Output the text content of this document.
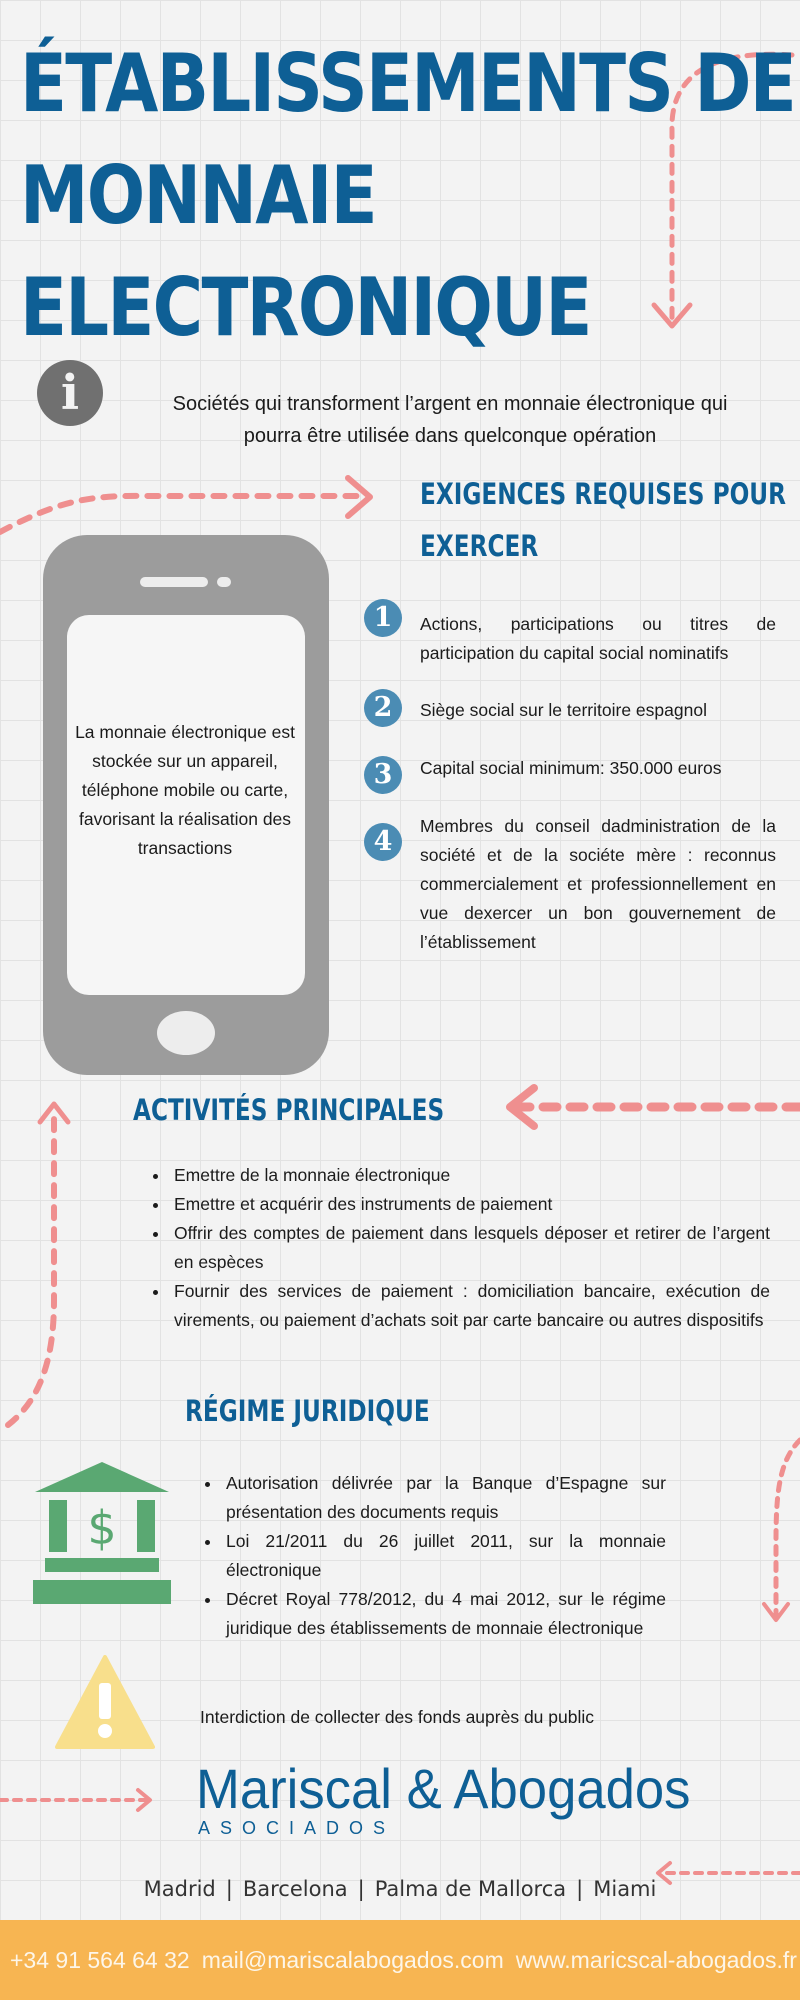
ÉTABLISSEMENTS DE
MONNAIE
ELECTRONIQUE
i	Sociétés qui transforment l’argent en monnaie électronique qui pourra être utilisée dans quelconque opération
La monnaie électronique est stockée sur un appareil, téléphone mobile ou carte, favorisant la réalisation des transactions
EXIGENCES REQUISES POUR
EXERCER
1	Actions, participations ou titres de participation du capital social nominatifs
2	Siège social sur le territoire espagnol
3	Capital social minimum: 350.000 euros
4	Membres du conseil dadministration de la société et de la sociéte mère : reconnus commercialement et professionnellement en vue dexercer un bon gouvernement de l’établissement
ACTIVITÉS PRINCIPALES
• Emettre de la monnaie électronique
• Emettre et acquérir des instruments de paiement
• Offrir des comptes de paiement dans lesquels déposer et retirer de l’argent en espèces
• Fournir des services de paiement : domiciliation bancaire, exécution de virements, ou paiement d’achats soit par carte bancaire ou autres dispositifs
RÉGIME JURIDIQUE
$
• Autorisation délivrée par la Banque d’Espagne sur présentation des documents requis
• Loi 21/2011 du 26 juillet 2011, sur la monnaie électronique
• Décret Royal 778/2012, du 4 mai 2012, sur le régime juridique des établissements de monnaie électronique
Interdiction de collecter des fonds auprès du public
Mariscal & Abogados
ASOCIADOS
Madrid | Barcelona | Palma de Mallorca | Miami
+34 91 564 64 32 mail@mariscalabogados.com www.maricscal-abogados.fr
